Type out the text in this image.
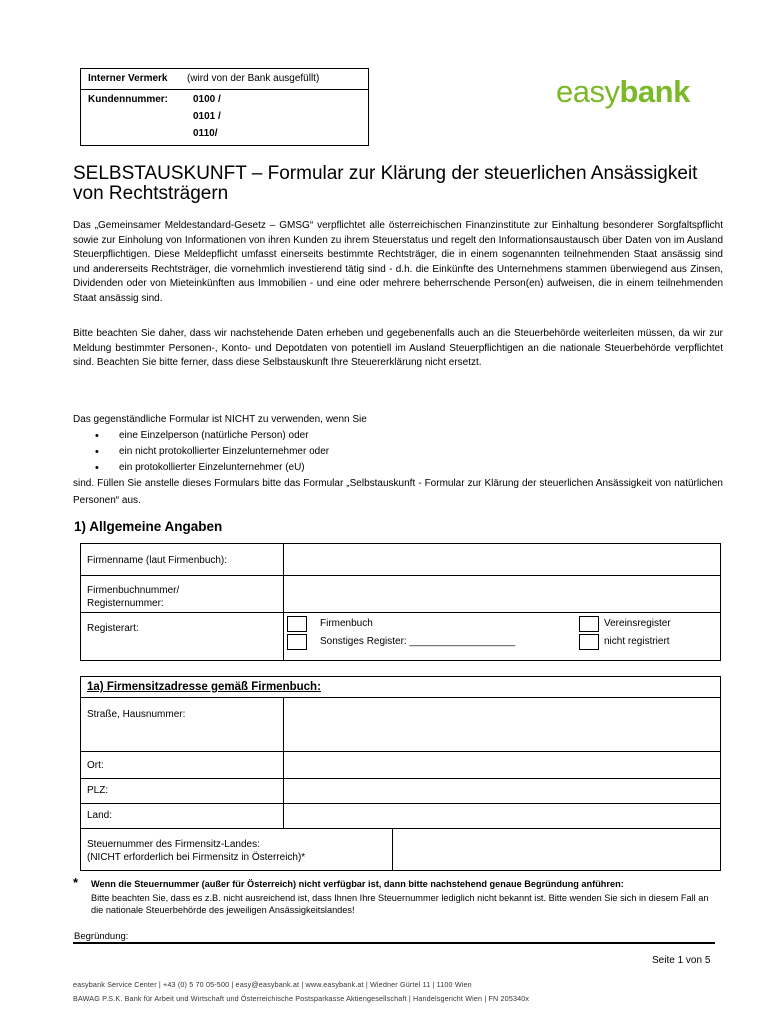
Interner Vermerk (wird von der Bank ausgefüllt)
Kundennummer:	0100 /
0101 /
0110/
easybank
SELBSTAUSKUNFT – Formular zur Klärung der steuerlichen Ansässigkeit von Rechtsträgern
Das „Gemeinsamer Meldestandard-Gesetz – GMSG“ verpflichtet alle österreichischen Finanzinstitute zur Einhaltung besonderer Sorgfaltspflicht sowie zur Einholung von Informationen von ihren Kunden zu ihrem Steuerstatus und regelt den Informationsaustausch über Daten von im Ausland Steuerpflichtigen. Diese Meldepflicht umfasst einerseits bestimmte Rechtsträger, die in einem sogenannten teilnehmenden Staat ansässig sind und andererseits Rechtsträger, die vornehmlich investierend tätig sind - d.h. die Einkünfte des Unternehmens stammen überwiegend aus Zinsen, Dividenden oder von Mieteinkünften aus Immobilien - und eine oder mehrere beherrschende Person(en) aufweisen, die in einem teilnehmenden Staat ansässig sind.
Bitte beachten Sie daher, dass wir nachstehende Daten erheben und gegebenenfalls auch an die Steuerbehörde weiterleiten müssen, da wir zur Meldung bestimmter Personen-, Konto- und Depotdaten von potentiell im Ausland Steuerpflichtigen an die nationale Steuerbehörde verpflichtet sind. Beachten Sie bitte ferner, dass diese Selbstauskunft Ihre Steuererklärung nicht ersetzt.
Das gegenständliche Formular ist NICHT zu verwenden, wenn Sie
• eine Einzelperson (natürliche Person) oder
• ein nicht protokollierter Einzelunternehmer oder
• ein protokollierter Einzelunternehmer (eU)
sind. Füllen Sie anstelle dieses Formulars bitte das Formular „Selbstauskunft - Formular zur Klärung der steuerlichen Ansässigkeit von natürlichen Personen“ aus.
1) Allgemeine Angaben
Firmenname (laut Firmenbuch):
Firmenbuchnummer/
Registernummer:
Registerart:	Firmenbuch
Sonstiges Register: ___________________
Vereinsregister
nicht registriert
1a) Firmensitzadresse gemäß Firmenbuch:
Straße, Hausnummer:
Ort:
PLZ:
Land:
Steuernummer des Firmensitz-Landes:
(NICHT erforderlich bei Firmensitz in Österreich)*
* Wenn die Steuernummer (außer für Österreich) nicht verfügbar ist, dann bitte nachstehend genaue Begründung anführen:
Bitte beachten Sie, dass es z.B. nicht ausreichend ist, dass Ihnen Ihre Steuernummer lediglich nicht bekannt ist. Bitte wenden Sie sich in diesem Fall an die nationale Steuerbehörde des jeweiligen Ansässigkeitslandes!
Begründung:
Seite 1 von 5
easybank Service Center | +43 (0) 5 70 05-500 | easy@easybank.at | www.easybank.at | Wiedner Gürtel 11 | 1100 Wien
BAWAG P.S.K. Bank für Arbeit und Wirtschaft und Österreichische Postsparkasse Aktiengesellschaft | Handelsgericht Wien | FN 205340x
